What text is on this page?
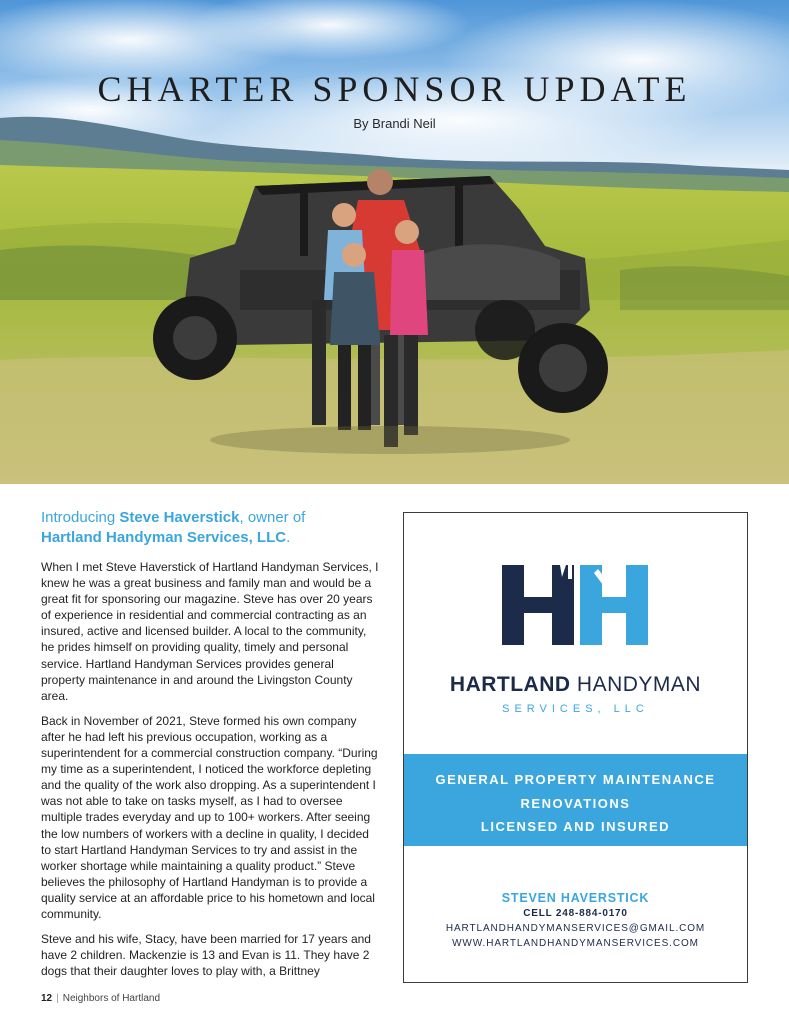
CHARTER SPONSOR UPDATE
By Brandi Neil

Introducing Steve Haverstick, owner of
Hartland Handyman Services, LLC.

When I met Steve Haverstick of Hartland Handyman Services, I knew he was a great business and family man and would be a great fit for sponsoring our magazine. Steve has over 20 years of experience in residential and commercial contracting as an insured, active and licensed builder. A local to the community, he prides himself on providing quality, timely and personal service. Hartland Handyman Services provides general property maintenance in and around the Livingston County area.

Back in November of 2021, Steve formed his own company after he had left his previous occupation, working as a superintendent for a commercial construction company. “During my time as a superintendent, I noticed the workforce depleting and the quality of the work also dropping. As a superintendent I was not able to take on tasks myself, as I had to oversee multiple trades everyday and up to 100+ workers. After seeing the low numbers of workers with a decline in quality, I decided to start Hartland Handyman Services to try and assist in the worker shortage while maintaining a quality product.” Steve believes the philosophy of Hartland Handyman is to provide a quality service at an affordable price to his hometown and local community.

Steve and his wife, Stacy, have been married for 17 years and have 2 children. Mackenzie is 13 and Evan is 11. They have 2 dogs that their daughter loves to play with, a Brittney

12 | Neighbors of Hartland
HARTLAND HANDYMAN
SERVICES, LLC
GENERAL PROPERTY MAINTENANCE
RENOVATIONS
LICENSED AND INSURED
STEVEN HAVERSTICK
CELL 248-884-0170
HARTLANDHANDYMANSERVICES@GMAIL.COM
WWW.HARTLANDHANDYMANSERVICES.COM
